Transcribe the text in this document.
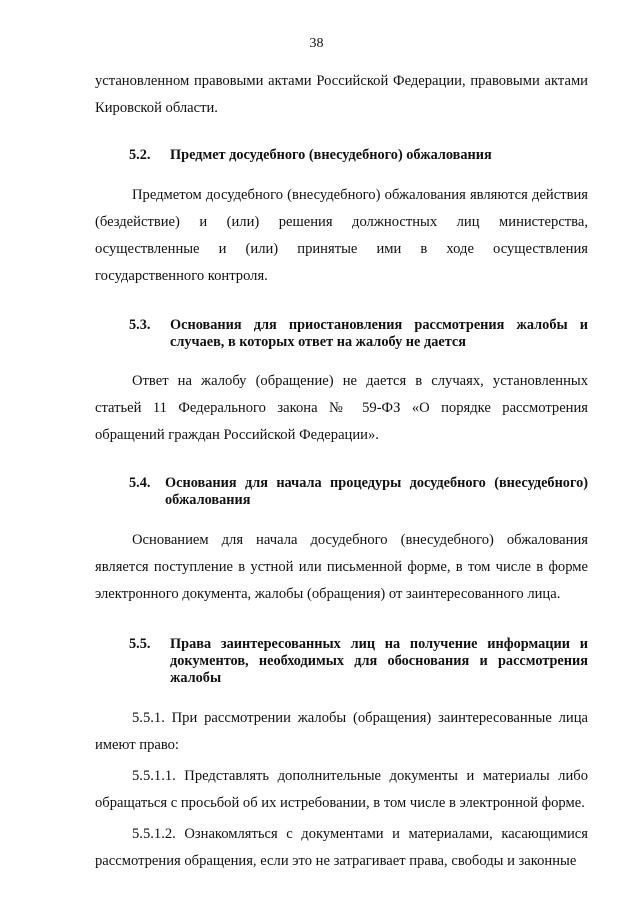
38

установленном правовыми актами Российской Федерации, правовыми актами Кировской области.

5.2.	Предмет досудебного (внесудебного) обжалования

Предметом досудебного (внесудебного) обжалования являются действия (бездействие) и (или) решения должностных лиц министерства, осуществленные и (или) принятые ими в ходе осуществления государственного контроля.

5.3.	Основания для приостановления рассмотрения жалобы и случаев, в которых ответ на жалобу не дается

Ответ на жалобу (обращение) не дается в случаях, установленных статьей 11 Федерального закона № 59-ФЗ «О порядке рассмотрения обращений граждан Российской Федерации».

5.4.	Основания для начала процедуры досудебного (внесудебного) обжалования

Основанием для начала досудебного (внесудебного) обжалования является поступление в устной или письменной форме, в том числе в форме электронного документа, жалобы (обращения) от заинтересованного лица.

5.5.	Права заинтересованных лиц на получение информации и документов, необходимых для обоснования и рассмотрения жалобы

5.5.1. При рассмотрении жалобы (обращения) заинтересованные лица имеют право:

5.5.1.1. Представлять дополнительные документы и материалы либо обращаться с просьбой об их истребовании, в том числе в электронной форме.

5.5.1.2. Ознакомляться с документами и материалами, касающимися рассмотрения обращения, если это не затрагивает права, свободы и законные
